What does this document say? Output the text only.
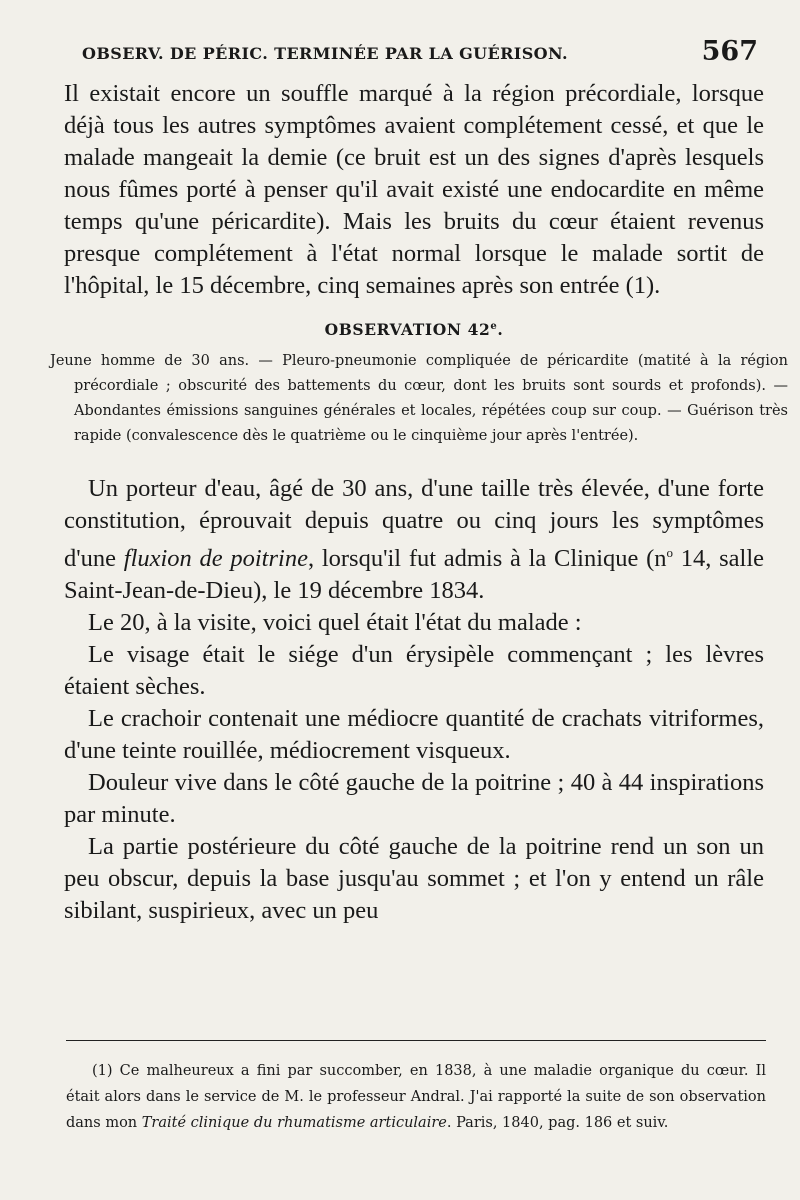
OBSERV. DE PÉRIC. TERMINÉE PAR LA GUÉRISON.	567

Il existait encore un souffle marqué à la région précordiale, lorsque déjà tous les autres symptômes avaient complétement cessé, et que le malade mangeait la demie (ce bruit est un des signes d'après lesquels nous fûmes porté à penser qu'il avait existé une endocardite en même temps qu'une péricardite). Mais les bruits du cœur étaient revenus presque complétement à l'état normal lorsque le malade sortit de l'hôpital, le 15 décembre, cinq semaines après son entrée (1).

OBSERVATION 42e.

Jeune homme de 30 ans. — Pleuro-pneumonie compliquée de péricardite (matité à la région précordiale ; obscurité des battements du cœur, dont les bruits sont sourds et profonds). — Abondantes émissions sanguines générales et locales, répétées coup sur coup. — Guérison très rapide (convalescence dès le quatrième ou le cinquième jour après l'entrée).

Un porteur d'eau, âgé de 30 ans, d'une taille très élevée, d'une forte constitution, éprouvait depuis quatre ou cinq jours les symptômes d'une fluxion de poitrine, lorsqu'il fut admis à la Clinique ($n^o$ 14, salle Saint-Jean-de-Dieu), le 19 décembre 1834.

Le 20, à la visite, voici quel était l'état du malade :

Le visage était le siége d'un érysipèle commençant ; les lèvres étaient sèches.

Le crachoir contenait une médiocre quantité de crachats vitriformes, d'une teinte rouillée, médiocrement visqueux.

Douleur vive dans le côté gauche de la poitrine ; 40 à 44 inspirations par minute.

La partie postérieure du côté gauche de la poitrine rend un son un peu obscur, depuis la base jusqu'au sommet ; et l'on y entend un râle sibilant, suspirieux, avec un peu

(1) Ce malheureux a fini par succomber, en 1838, à une maladie organique du cœur. Il était alors dans le service de M. le professeur Andral. J'ai rapporté la suite de son observation dans mon Traité clinique du rhumatisme articulaire. Paris, 1840, pag. 186 et suiv.
